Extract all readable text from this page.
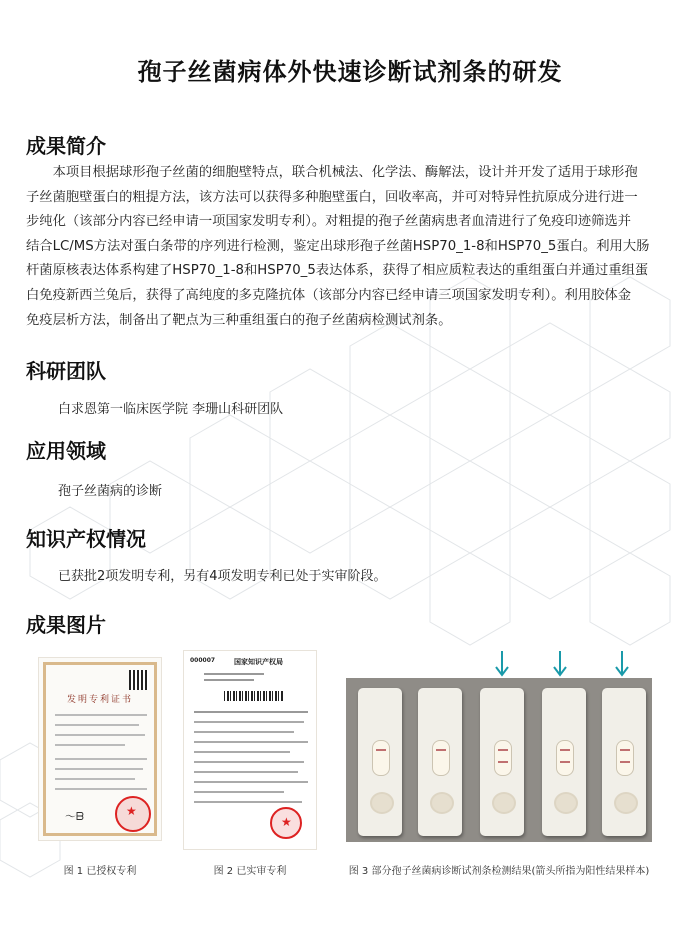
孢子丝菌病体外快速诊断试剂条的研发
成果简介

　　本项目根据球形孢子丝菌的细胞壁特点，联合机械法、化学法、酶解法，设计并开发了适用于球形孢

子丝菌胞壁蛋白的粗提方法，该方法可以获得多种胞壁蛋白，回收率高，并可对特异性抗原成分进行进一

步纯化（该部分内容已经申请一项国家发明专利）。对粗提的孢子丝菌病患者血清进行了免疫印迹筛选并

结合LC/MS方法对蛋白条带的序列进行检测，鉴定出球形孢子丝菌HSP70_1-8和HSP70_5蛋白。利用大肠

杆菌原核表达体系构建了HSP70_1-8和HSP70_5表达体系，获得了相应质粒表达的重组蛋白并通过重组蛋

白免疫新西兰兔后，获得了高纯度的多克隆抗体（该部分内容已经申请三项国家发明专利）。利用胶体金

免疫层析方法，制备出了靶点为三种重组蛋白的孢子丝菌病检测试剂条。

科研团队
白求恩第一临床医学院 李珊山科研团队
应用领域
孢子丝菌病的诊断
知识产权情况
已获批2项发明专利，另有4项发明专利已处于实审阶段。
成果图片
发明专利证书
〜ᗷ
★
图 1 已授权专利
000007	国家知识产权局
★
图 2 已实审专利	图 3 部分孢子丝菌病诊断试剂条检测结果(箭头所指为阳性结果样本)
